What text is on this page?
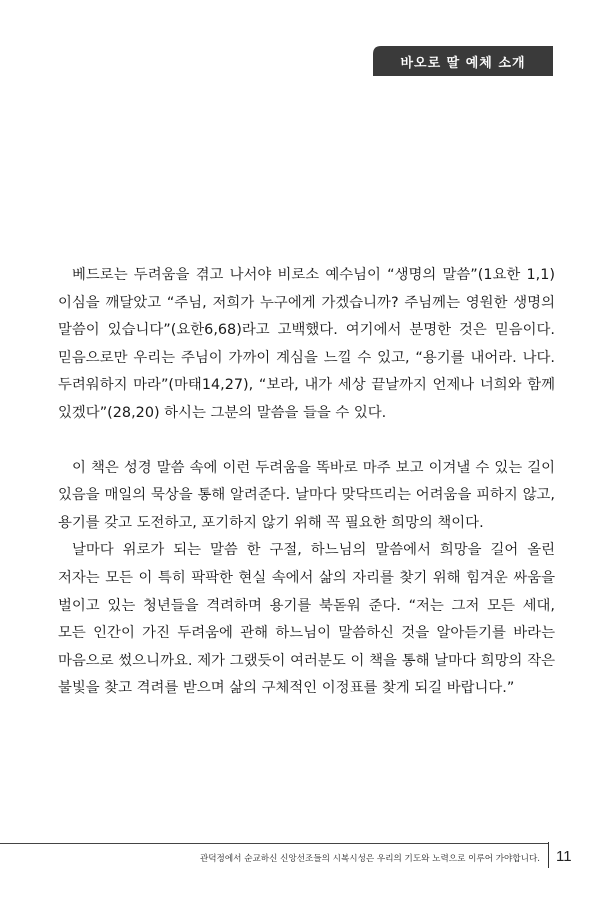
바오로 딸 예체 소개

베드로는 두려움을 겪고 나서야 비로소 예수님이 “생명의 말씀”(1요한 1,1)이심을 깨달았고 “주님, 저희가 누구에게 가겠습니까? 주님께는 영원한 생명의 말씀이 있습니다”(요한6,68)라고 고백했다. 여기에서 분명한 것은 믿음이다. 믿음으로만 우리는 주님이 가까이 계심을 느낄 수 있고, “용기를 내어라. 나다. 두려워하지 마라”(마태14,27), “보라, 내가 세상 끝날까지 언제나 너희와 함께 있겠다”(28,20) 하시는 그분의 말씀을 들을 수 있다.

이 책은 성경 말씀 속에 이런 두려움을 똑바로 마주 보고 이겨낼 수 있는 길이 있음을 매일의 묵상을 통해 알려준다. 날마다 맞닥뜨리는 어려움을 피하지 않고, 용기를 갖고 도전하고, 포기하지 않기 위해 꼭 필요한 희망의 책이다.

날마다 위로가 되는 말씀 한 구절, 하느님의 말씀에서 희망을 길어 올린 저자는 모든 이 특히 팍팍한 현실 속에서 삶의 자리를 찾기 위해 힘겨운 싸움을 벌이고 있는 청년들을 격려하며 용기를 북돋워 준다. “저는 그저 모든 세대, 모든 인간이 가진 두려움에 관해 하느님이 말씀하신 것을 알아듣기를 바라는 마음으로 썼으니까요. 제가 그랬듯이 여러분도 이 책을 통해 날마다 희망의 작은 불빛을 찾고 격려를 받으며 삶의 구체적인 이정표를 찾게 되길 바랍니다.”

관덕정에서 순교하신 신앙선조들의 시복시성은 우리의 기도와 노력으로 이루어 가야합니다. 11
